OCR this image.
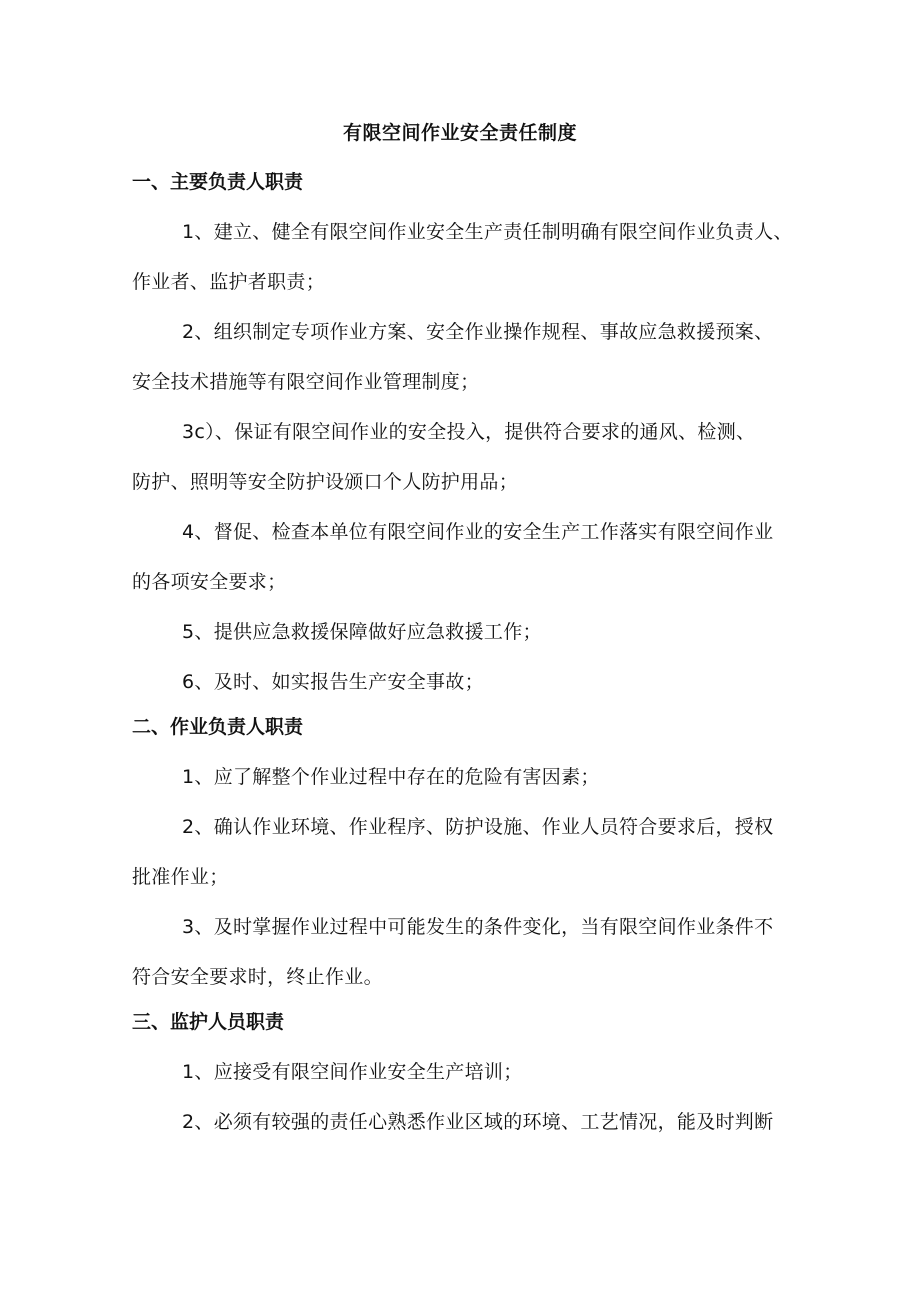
有限空间作业安全责任制度
一、主要负责人职责

1、建立、健全有限空间作业安全生产责任制明确有限空间作业负责人、
作业者、监护者职责；

2、组织制定专项作业方案、安全作业操作规程、事故应急救援预案、
安全技术措施等有限空间作业管理制度；

3c）、保证有限空间作业的安全投入，提供符合要求的通风、检测、
防护、照明等安全防护设颁口个人防护用品；

4、督促、检查本单位有限空间作业的安全生产工作落实有限空间作业
的各项安全要求；

5、提供应急救援保障做好应急救援工作；

6、及时、如实报告生产安全事故；

二、作业负责人职责

1、应了解整个作业过程中存在的危险有害因素；

2、确认作业环境、作业程序、防护设施、作业人员符合要求后，授权
批准作业；

3、及时掌握作业过程中可能发生的条件变化，当有限空间作业条件不
符合安全要求时，终止作业。

三、监护人员职责

1、应接受有限空间作业安全生产培训；

2、必须有较强的责任心熟悉作业区域的环境、工艺情况，能及时判断
